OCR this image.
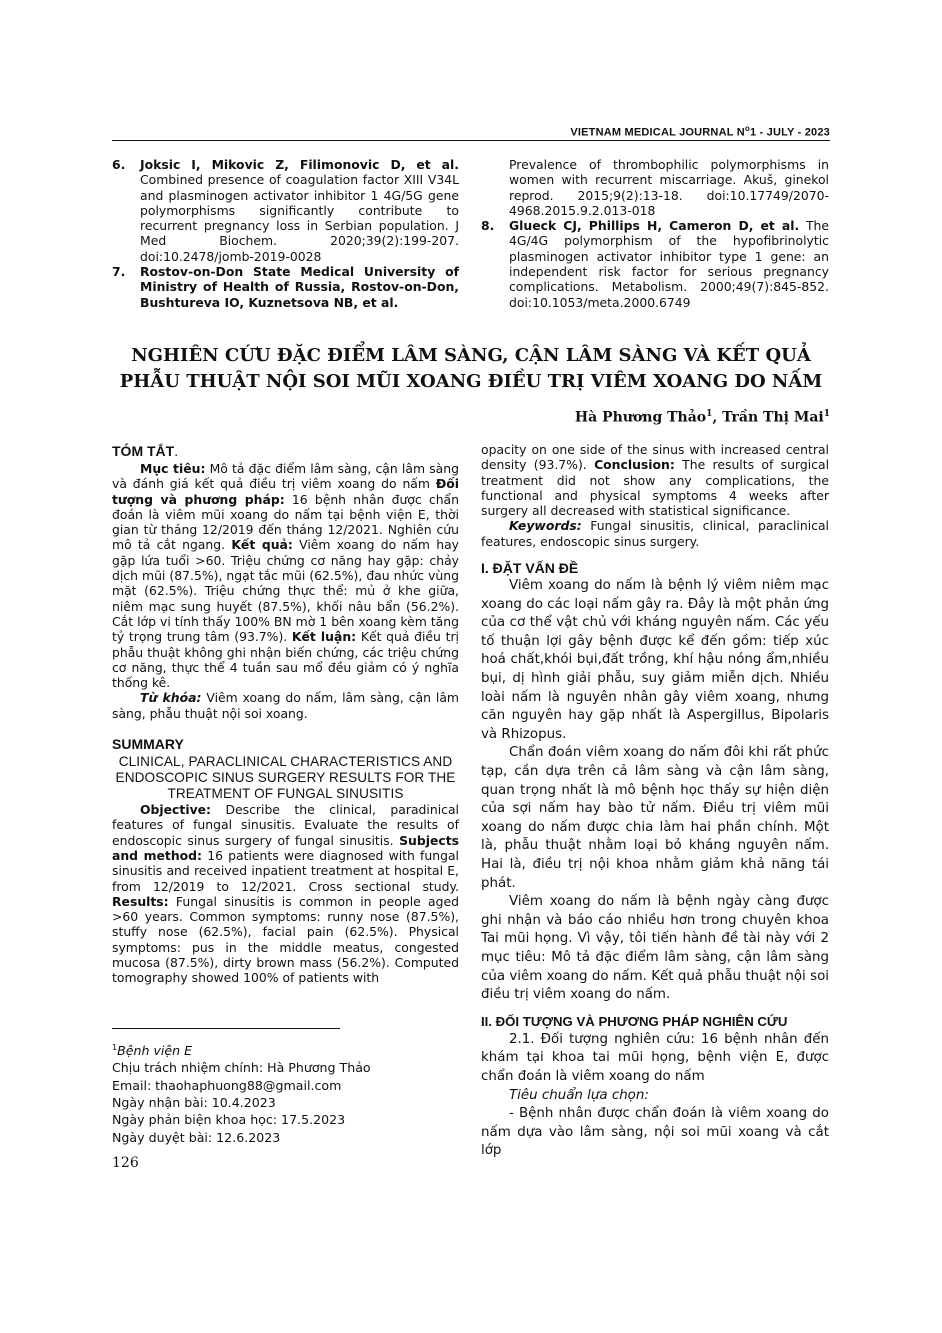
VIETNAM MEDICAL JOURNAL $N^o1$ - JULY - 2023
6. Joksic I, Mikovic Z, Filimonovic D, et al. Combined presence of coagulation factor XIII V34L and plasminogen activator inhibitor 1 4G/5G gene polymorphisms significantly contribute to recurrent pregnancy loss in Serbian population. J Med Biochem. 2020;39(2):199-207. doi:10.2478/jomb-2019-0028
7. Rostov-on-Don State Medical University of Ministry of Health of Russia, Rostov-on-Don, Bushtureva IO, Kuznetsova NB, et al.
Prevalence of thrombophilic polymorphisms in women with recurrent miscarriage. Akuš, ginekol reprod. 2015;9(2):13-18. doi:10.17749/2070-4968.2015.9.2.013-018
8. Glueck CJ, Phillips H, Cameron D, et al. The 4G/4G polymorphism of the hypofibrinolytic plasminogen activator inhibitor type 1 gene: an independent risk factor for serious pregnancy complications. Metabolism. 2000;49(7):845-852. doi:10.1053/meta.2000.6749
NGHIÊN CỨU ĐẶC ĐIỂM LÂM SÀNG, CẬN LÂM SÀNG VÀ KẾT QUẢ
PHẪU THUẬT NỘI SOI MŨI XOANG ĐIỀU TRỊ VIÊM XOANG DO NẤM
Hà Phương Thảo$^1$, Trần Thị Mai$^1$

TÓM TẮT.

Mục tiêu: Mô tả đặc điểm lâm sàng, cận lâm sàng và đánh giá kết quả điều trị viêm xoang do nấm Đối tượng và phương pháp: 16 bệnh nhân được chẩn đoán là viêm mũi xoang do nấm tại bệnh viện E, thời gian từ tháng 12/2019 đến tháng 12/2021. Nghiên cứu mô tả cắt ngang. Kết quả: Viêm xoang do nấm hay gặp lứa tuổi >60. Triệu chứng cơ năng hay gặp: chảy dịch mũi (87.5%), ngạt tắc mũi (62.5%), đau nhức vùng mặt (62.5%). Triệu chứng thực thể: mủ ở khe giữa, niêm mạc sung huyết (87.5%), khối nâu bẩn (56.2%). Cắt lớp vi tính thấy 100% BN mờ 1 bên xoang kèm tăng tỷ trọng trung tâm (93.7%). Kết luận: Kết quả điều trị phẫu thuật không ghi nhận biến chứng, các triệu chứng cơ năng, thực thể 4 tuần sau mổ đều giảm có ý nghĩa thống kê.

Từ khóa: Viêm xoang do nấm, lâm sàng, cận lâm sàng, phẫu thuật nội soi xoang.

SUMMARY

CLINICAL, PARACLINICAL CHARACTERISTICS AND ENDOSCOPIC SINUS SURGERY RESULTS FOR THE TREATMENT OF FUNGAL SINUSITIS

Objective: Describe the clinical, paradinical features of fungal sinusitis. Evaluate the results of endoscopic sinus surgery of fungal sinusitis. Subjects and method: 16 patients were diagnosed with fungal sinusitis and received inpatient treatment at hospital E, from 12/2019 to 12/2021. Cross sectional study. Results: Fungal sinusitis is common in people aged >60 years. Common symptoms: runny nose (87.5%), stuffy nose (62.5%), facial pain (62.5%). Physical symptoms: pus in the middle meatus, congested mucosa (87.5%), dirty brown mass (56.2%). Computed tomography showed 100% of patients with

opacity on one side of the sinus with increased central density (93.7%). Conclusion: The results of surgical treatment did not show any complications, the functional and physical symptoms 4 weeks after surgery all decreased with statistical significance.

Keywords: Fungal sinusitis, clinical, paraclinical features, endoscopic sinus surgery.

I. ĐẶT VẤN ĐỀ

Viêm xoang do nấm là bệnh lý viêm niêm mạc xoang do các loại nấm gây ra. Đây là một phản ứng của cơ thể vật chủ với kháng nguyên nấm. Các yếu tố thuận lợi gây bệnh được kể đến gồm: tiếp xúc hoá chất,khói bụi,đất trồng, khí hậu nóng ẩm,nhiều bụi, dị hình giải phẫu, suy giảm miễn dịch. Nhiều loài nấm là nguyên nhân gây viêm xoang, nhưng căn nguyên hay gặp nhất là Aspergillus, Bipolaris và Rhizopus.

Chẩn đoán viêm xoang do nấm đôi khi rất phức tạp, cần dựa trên cả lâm sàng và cận lâm sàng, quan trọng nhất là mô bệnh học thấy sự hiện diện của sợi nấm hay bào tử nấm. Điều trị viêm mũi xoang do nấm được chia làm hai phần chính. Một là, phẫu thuật nhằm loại bỏ kháng nguyên nấm. Hai là, điều trị nội khoa nhằm giảm khả năng tái phát.

Viêm xoang do nấm là bệnh ngày càng được ghi nhận và báo cáo nhiều hơn trong chuyên khoa Tai mũi họng. Vì vậy, tôi tiến hành đề tài này với 2 mục tiêu: Mô tả đặc điểm lâm sàng, cận lâm sàng của viêm xoang do nấm. Kết quả phẫu thuật nội soi điều trị viêm xoang do nấm.

II. ĐỐI TƯỢNG VÀ PHƯƠNG PHÁP NGHIÊN CỨU

2.1. Đối tượng nghiên cứu: 16 bệnh nhân đến khám tại khoa tai mũi họng, bệnh viện E, được chẩn đoán là viêm xoang do nấm

Tiêu chuẩn lựa chọn:

- Bệnh nhân được chẩn đoán là viêm xoang do nấm dựa vào lâm sàng, nội soi mũi xoang và cắt lớp

$^1$Bệnh viện E
Chịu trách nhiệm chính: Hà Phương Thảo
Email: thaohaphuong88@gmail.com
Ngày nhận bài: 10.4.2023
Ngày phản biện khoa học: 17.5.2023
Ngày duyệt bài: 12.6.2023
126
